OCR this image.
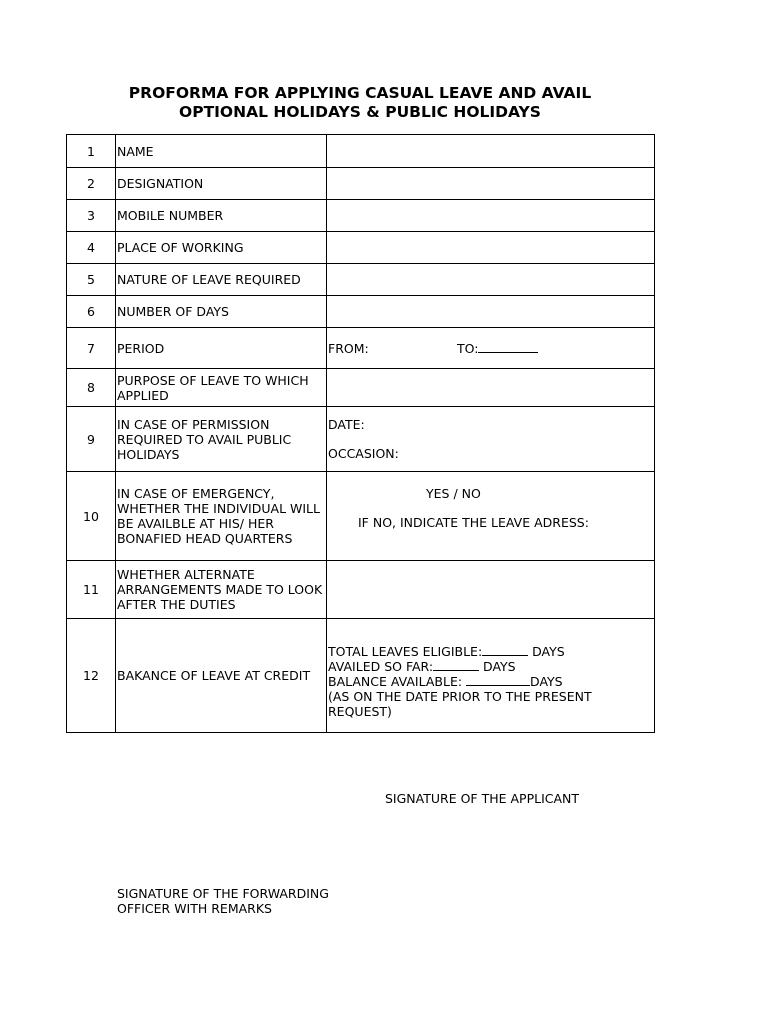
PROFORMA FOR APPLYING CASUAL LEAVE AND AVAIL
OPTIONAL HOLIDAYS & PUBLIC HOLIDAYS
1	NAME	
2	DESIGNATION	
3	MOBILE NUMBER	
4	PLACE OF WORKING	
5	NATURE OF LEAVE REQUIRED	
6	NUMBER OF DAYS	
7	PERIOD	FROM: TO:
8	PURPOSE OF LEAVE TO WHICH APPLIED	
9	IN CASE OF PERMISSION REQUIRED TO AVAIL PUBLIC HOLIDAYS	DATE:
OCCASION:

10	IN CASE OF EMERGENCY, WHETHER THE INDIVIDUAL WILL BE AVAILBLE AT HIS/ HER BONAFIED HEAD QUARTERS	YES / NO
IF NO, INDICATE THE LEAVE ADRESS:

11	WHETHER ALTERNATE ARRANGEMENTS MADE TO LOOK AFTER THE DUTIES	
12	BAKANCE OF LEAVE AT CREDIT	TOTAL LEAVES ELIGIBLE: DAYS
AVAILED SO FAR: DAYS
BALANCE AVAILABLE: DAYS
(AS ON THE DATE PRIOR TO THE PRESENT REQUEST)
SIGNATURE OF THE APPLICANT
SIGNATURE OF THE FORWARDING OFFICER WITH REMARKS
